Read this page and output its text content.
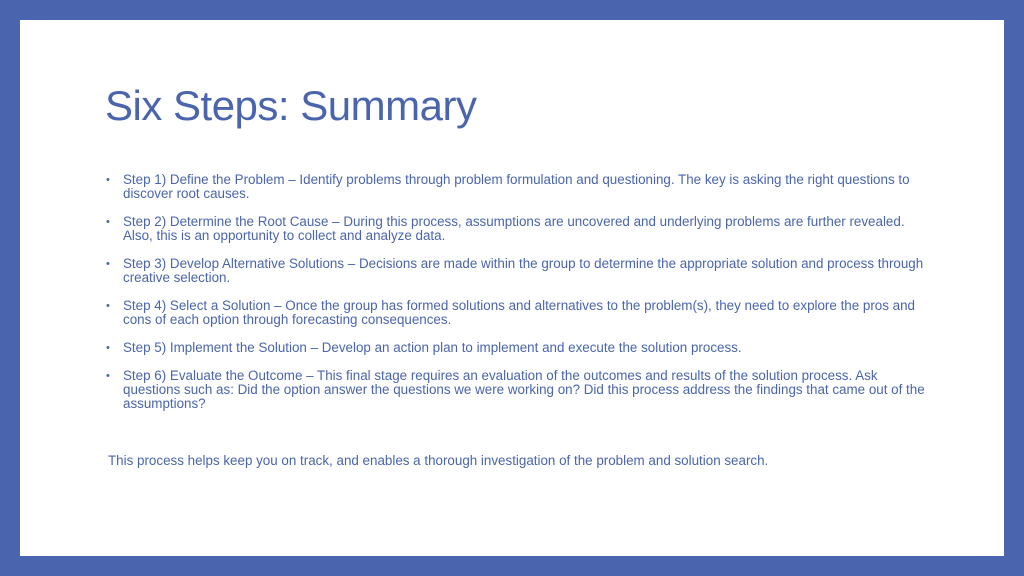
Six Steps: Summary
• Step 1) Define the Problem – Identify problems through problem formulation and questioning. The key is asking the right questions to discover root causes.
• Step 2) Determine the Root Cause – During this process, assumptions are uncovered and underlying problems are further revealed. Also, this is an opportunity to collect and analyze data.
• Step 3) Develop Alternative Solutions – Decisions are made within the group to determine the appropriate solution and process through creative selection.
• Step 4) Select a Solution – Once the group has formed solutions and alternatives to the problem(s), they need to explore the pros and cons of each option through forecasting consequences.
• Step 5) Implement the Solution – Develop an action plan to implement and execute the solution process.
• Step 6) Evaluate the Outcome – This final stage requires an evaluation of the outcomes and results of the solution process. Ask questions such as: Did the option answer the questions we were working on? Did this process address the findings that came out of the assumptions?

This process helps keep you on track, and enables a thorough investigation of the problem and solution search.
